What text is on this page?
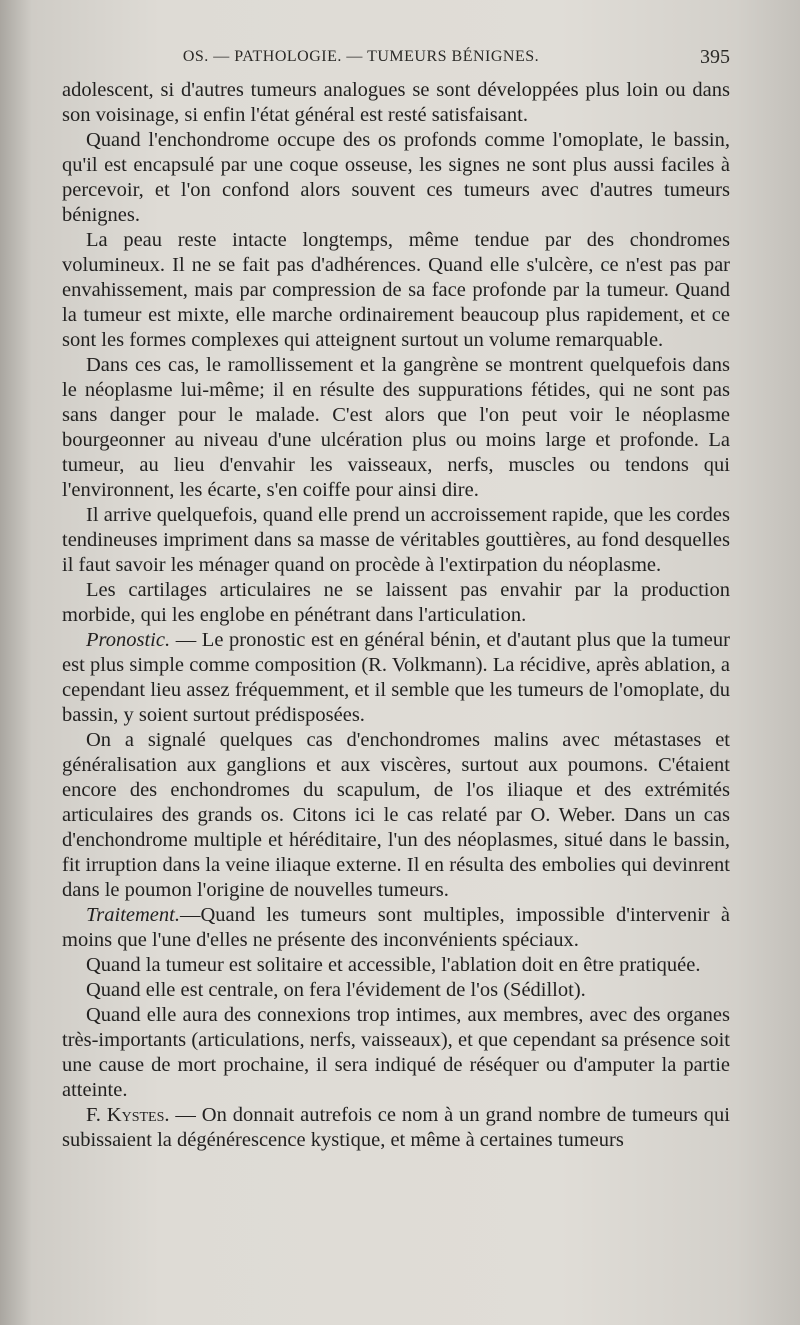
OS. — PATHOLOGIE. — TUMEURS BÉNIGNES.	395

adolescent, si d'autres tumeurs analogues se sont développées plus loin ou dans son voisinage, si enfin l'état général est resté satisfaisant.

Quand l'enchondrome occupe des os profonds comme l'omoplate, le bassin, qu'il est encapsulé par une coque osseuse, les signes ne sont plus aussi faciles à percevoir, et l'on confond alors souvent ces tumeurs avec d'autres tumeurs bénignes.

La peau reste intacte longtemps, même tendue par des chondromes volumineux. Il ne se fait pas d'adhérences. Quand elle s'ulcère, ce n'est pas par envahissement, mais par compression de sa face profonde par la tumeur. Quand la tumeur est mixte, elle marche ordinairement beaucoup plus rapidement, et ce sont les formes complexes qui atteignent surtout un volume remarquable.

Dans ces cas, le ramollissement et la gangrène se montrent quelquefois dans le néoplasme lui-même; il en résulte des suppurations fétides, qui ne sont pas sans danger pour le malade. C'est alors que l'on peut voir le néoplasme bourgeonner au niveau d'une ulcération plus ou moins large et profonde. La tumeur, au lieu d'envahir les vaisseaux, nerfs, muscles ou tendons qui l'environnent, les écarte, s'en coiffe pour ainsi dire.

Il arrive quelquefois, quand elle prend un accroissement rapide, que les cordes tendineuses impriment dans sa masse de véritables gouttières, au fond desquelles il faut savoir les ménager quand on procède à l'extirpation du néoplasme.

Les cartilages articulaires ne se laissent pas envahir par la production morbide, qui les englobe en pénétrant dans l'articulation.

Pronostic. — Le pronostic est en général bénin, et d'autant plus que la tumeur est plus simple comme composition (R. Volkmann). La récidive, après ablation, a cependant lieu assez fréquemment, et il semble que les tumeurs de l'omoplate, du bassin, y soient surtout prédisposées.

On a signalé quelques cas d'enchondromes malins avec métastases et généralisation aux ganglions et aux viscères, surtout aux poumons. C'étaient encore des enchondromes du scapulum, de l'os iliaque et des extrémités articulaires des grands os. Citons ici le cas relaté par O. Weber. Dans un cas d'enchondrome multiple et héréditaire, l'un des néoplasmes, situé dans le bassin, fit irruption dans la veine iliaque externe. Il en résulta des embolies qui devinrent dans le poumon l'origine de nouvelles tumeurs.

Traitement.—Quand les tumeurs sont multiples, impossible d'intervenir à moins que l'une d'elles ne présente des inconvénients spéciaux.

Quand la tumeur est solitaire et accessible, l'ablation doit en être pratiquée.

Quand elle est centrale, on fera l'évidement de l'os (Sédillot).

Quand elle aura des connexions trop intimes, aux membres, avec des organes très-importants (articulations, nerfs, vaisseaux), et que cependant sa présence soit une cause de mort prochaine, il sera indiqué de réséquer ou d'amputer la partie atteinte.

F. Kystes. — On donnait autrefois ce nom à un grand nombre de tumeurs qui subissaient la dégénérescence kystique, et même à certaines tumeurs
